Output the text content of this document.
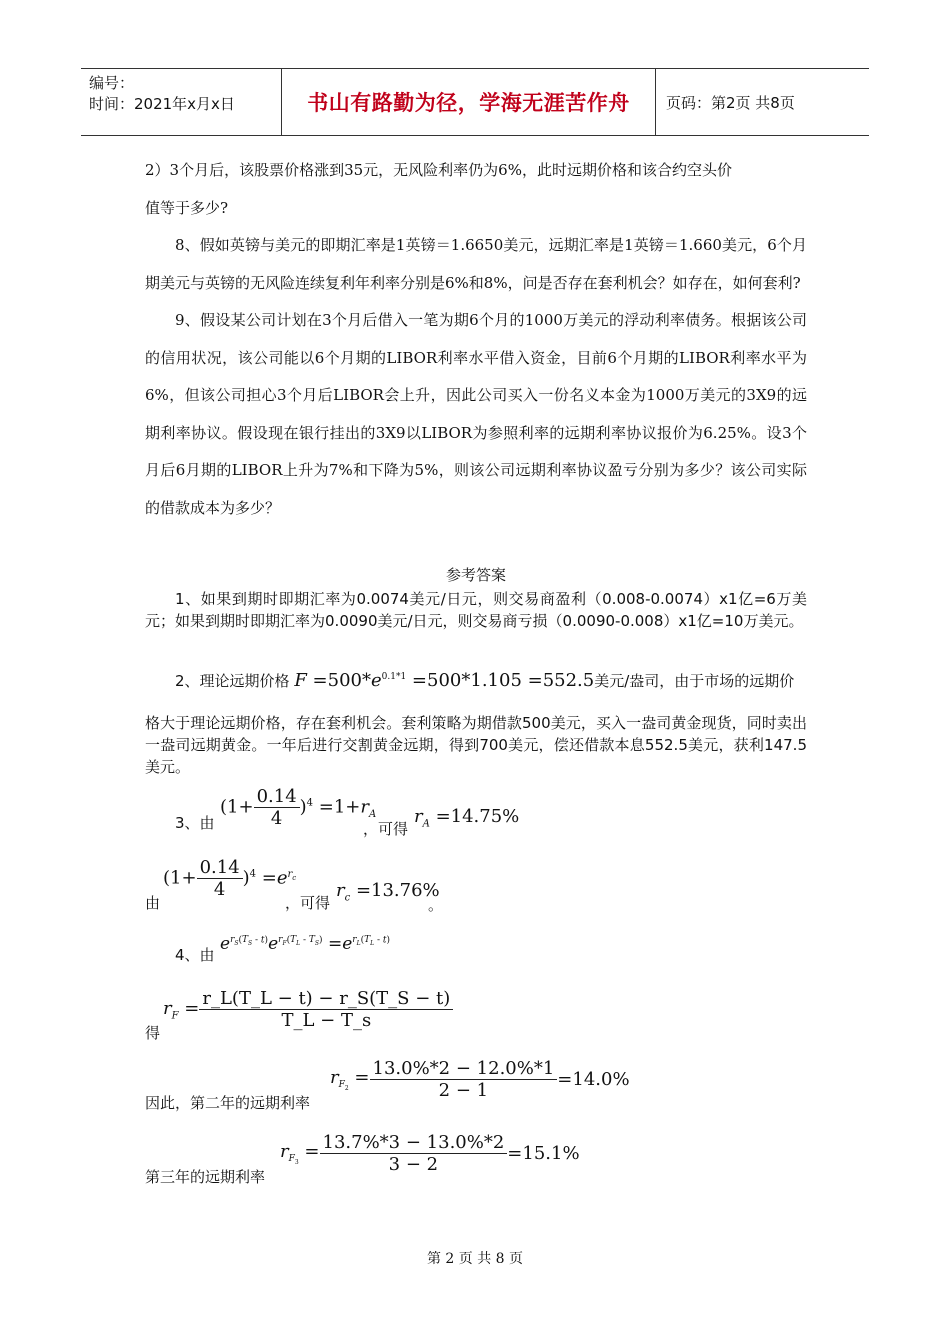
编号：
时间：2021年x月x日	书山有路勤为径，学海无涯苦作舟	页码：第2页 共8页

2）3个月后，该股票价格涨到35元，无风险利率仍为6%，此时远期价格和该合约空头价

值等于多少?

8、假如英镑与美元的即期汇率是1英镑＝1.6650美元，远期汇率是1英镑＝1.660美元，6个月期美元与英镑的无风险连续复利年利率分别是6%和8%，问是否存在套利机会？如存在，如何套利?

9、假设某公司计划在3个月后借入一笔为期6个月的1000万美元的浮动利率债务。根据该公司的信用状况，该公司能以6个月期的LIBOR利率水平借入资金，目前6个月期的LIBOR利率水平为6%，但该公司担心3个月后LIBOR会上升，因此公司买入一份名义本金为1000万美元的3X9的远期利率协议。假设现在银行挂出的3X9以LIBOR为参照利率的远期利率协议报价为6.25%。设3个月后6月期的LIBOR上升为7%和下降为5%，则该公司远期利率协议盈亏分别为多少？该公司实际的借款成本为多少？

参考答案
1、如果到期时即期汇率为0.0074美元/日元，则交易商盈利（0.008-0.0074）x1亿=6万美元；如果到期时即期汇率为0.0090美元/日元，则交易商亏损（0.0090-0.008）x1亿=10万美元。
2、理论远期价格 $F =500*e^{0.1*1} =500*1.105 =552.5$美元/盎司，由于市场的远期价
格大于理论远期价格，存在套利机会。套利策略为期借款500美元，买入一盎司黄金现货，同时卖出一盎司远期黄金。一年后进行交割黄金远期，得到700美元，偿还借款本息552.5美元，获利147.5美元。
3、由
$(1+ \frac{0.14}{4} )^4 =1+r_A$
，可得
$r_A =14.75\%$
由
$(1+ \frac{0.14}{4} )^4 =e^{r_c}$
，可得
$r_c =13.76\%$
。
4、由
$e^{r_S(T_S - t)}e^{r_F(T_L - T_S)} =e^{r_L(T_L - t)}$
得
$r_F = \frac{r\_L(T\_L - t) - r\_S(T\_S - t)}{T\_L - T\_s}$
因此，第二年的远期利率
$r_{F_2} = \frac{13.0\%*2 - 12.0\%*1}{2 - 1} =14.0\%$
第三年的远期利率
$r_{F_3} = \frac{13.7\%*3 - 13.0\%*2}{3 - 2} =15.1\%$
第 2 页 共 8 页
